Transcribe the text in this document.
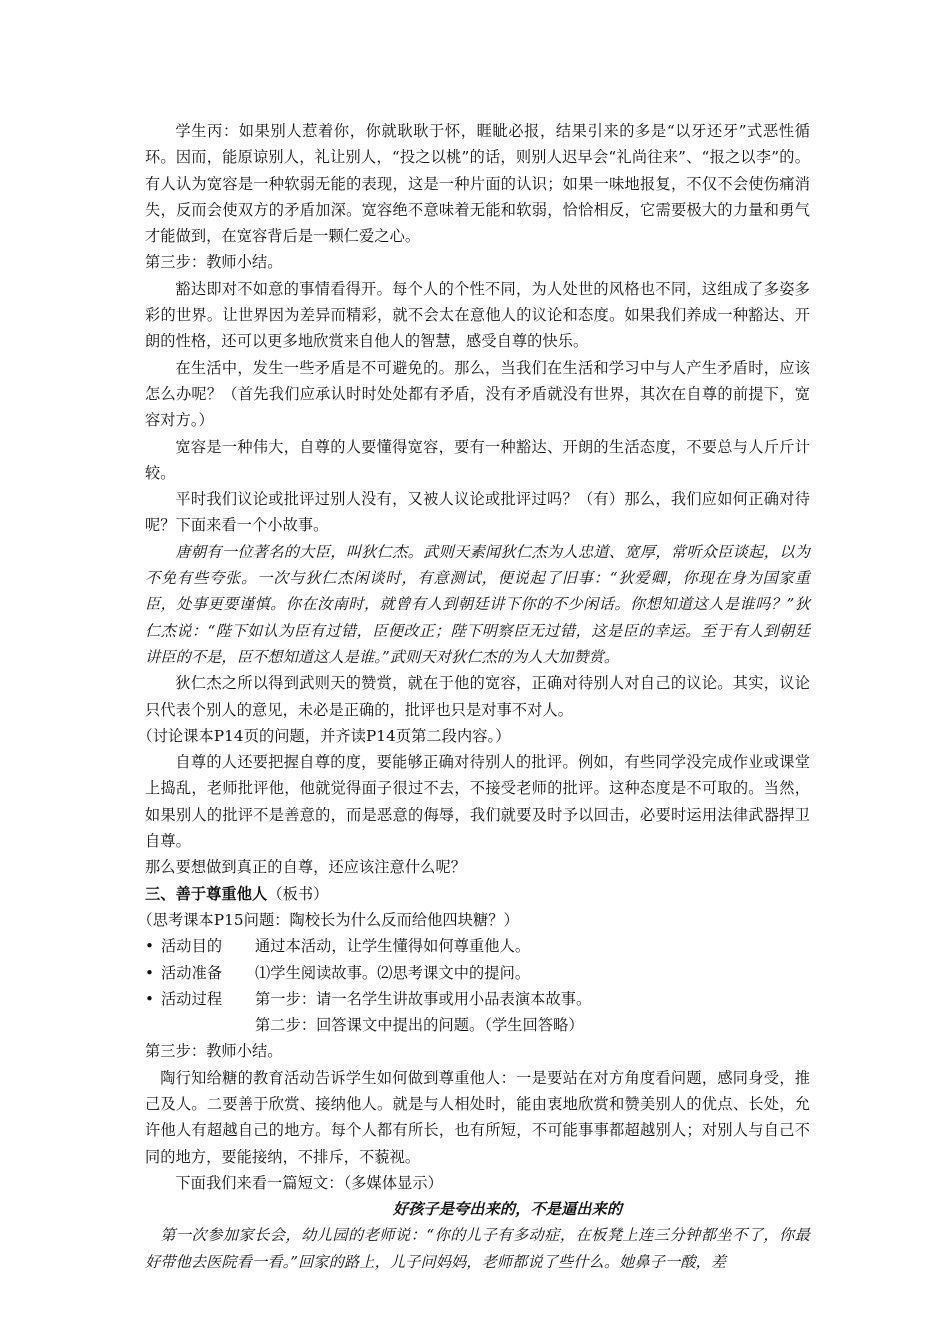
学生丙：如果别人惹着你，你就耿耿于怀，睚眦必报，结果引来的多是“以牙还牙”式恶性循环。因而，能原谅别人，礼让别人，“投之以桃”的话，则别人迟早会“礼尚往来”、“报之以李”的。有人认为宽容是一种软弱无能的表现，这是一种片面的认识；如果一味地报复，不仅不会使伤痛消失，反而会使双方的矛盾加深。宽容绝不意味着无能和软弱，恰恰相反，它需要极大的力量和勇气才能做到，在宽容背后是一颗仁爱之心。

第三步：教师小结。

豁达即对不如意的事情看得开。每个人的个性不同，为人处世的风格也不同，这组成了多姿多彩的世界。让世界因为差异而精彩，就不会太在意他人的议论和态度。如果我们养成一种豁达、开朗的性格，还可以更多地欣赏来自他人的智慧，感受自尊的快乐。

在生活中，发生一些矛盾是不可避免的。那么，当我们在生活和学习中与人产生矛盾时，应该怎么办呢？（首先我们应承认时时处处都有矛盾，没有矛盾就没有世界，其次在自尊的前提下，宽容对方。）

宽容是一种伟大，自尊的人要懂得宽容，要有一种豁达、开朗的生活态度，不要总与人斤斤计较。

平时我们议论或批评过别人没有，又被人议论或批评过吗？（有）那么，我们应如何正确对待呢？下面来看一个小故事。

唐朝有一位著名的大臣，叫狄仁杰。武则天素闻狄仁杰为人忠道、宽厚，常听众臣谈起，以为不免有些夸张。一次与狄仁杰闲谈时，有意测试，便说起了旧事：“狄爱卿，你现在身为国家重臣，处事更要谨慎。你在汝南时，就曾有人到朝廷讲下你的不少闲话。你想知道这人是谁吗？”狄仁杰说：“陛下如认为臣有过错，臣便改正；陛下明察臣无过错，这是臣的幸运。至于有人到朝廷讲臣的不是，臣不想知道这人是谁。”武则天对狄仁杰的为人大加赞赏。

狄仁杰之所以得到武则天的赞赏，就在于他的宽容，正确对待别人对自己的议论。其实，议论只代表个别人的意见，未必是正确的，批评也只是对事不对人。

（讨论课本P14页的问题，并齐读P14页第二段内容。）

自尊的人还要把握自尊的度，要能够正确对待别人的批评。例如，有些同学没完成作业或课堂上捣乱，老师批评他，他就觉得面子很过不去，不接受老师的批评。这种态度是不可取的。当然，如果别人的批评不是善意的，而是恶意的侮辱，我们就要及时予以回击，必要时运用法律武器捍卫自尊。

那么要想做到真正的自尊，还应该注意什么呢？

三、善于尊重他人（板书）

（思考课本P15问题：陶校长为什么反而给他四块糖？）

• 活动目的	通过本活动，让学生懂得如何尊重他人。
• 活动准备	⑴学生阅读故事。⑵思考课文中的提问。
• 活动过程	第一步：请一名学生讲故事或用小品表演本故事。

第二步：回答课文中提出的问题。（学生回答略）

第三步：教师小结。

陶行知给糖的教育活动告诉学生如何做到尊重他人：一是要站在对方角度看问题，感同身受，推己及人。二要善于欣赏、接纳他人。就是与人相处时，能由衷地欣赏和赞美别人的优点、长处，允许他人有超越自己的地方。每个人都有所长，也有所短，不可能事事都超越别人；对别人与自己不同的地方，要能接纳，不排斥，不藐视。

下面我们来看一篇短文：（多媒体显示）

好孩子是夸出来的，不是逼出来的

第一次参加家长会，幼儿园的老师说：“你的儿子有多动症，在板凳上连三分钟都坐不了，你最好带他去医院看一看。”回家的路上，儿子问妈妈，老师都说了些什么。她鼻子一酸，差
